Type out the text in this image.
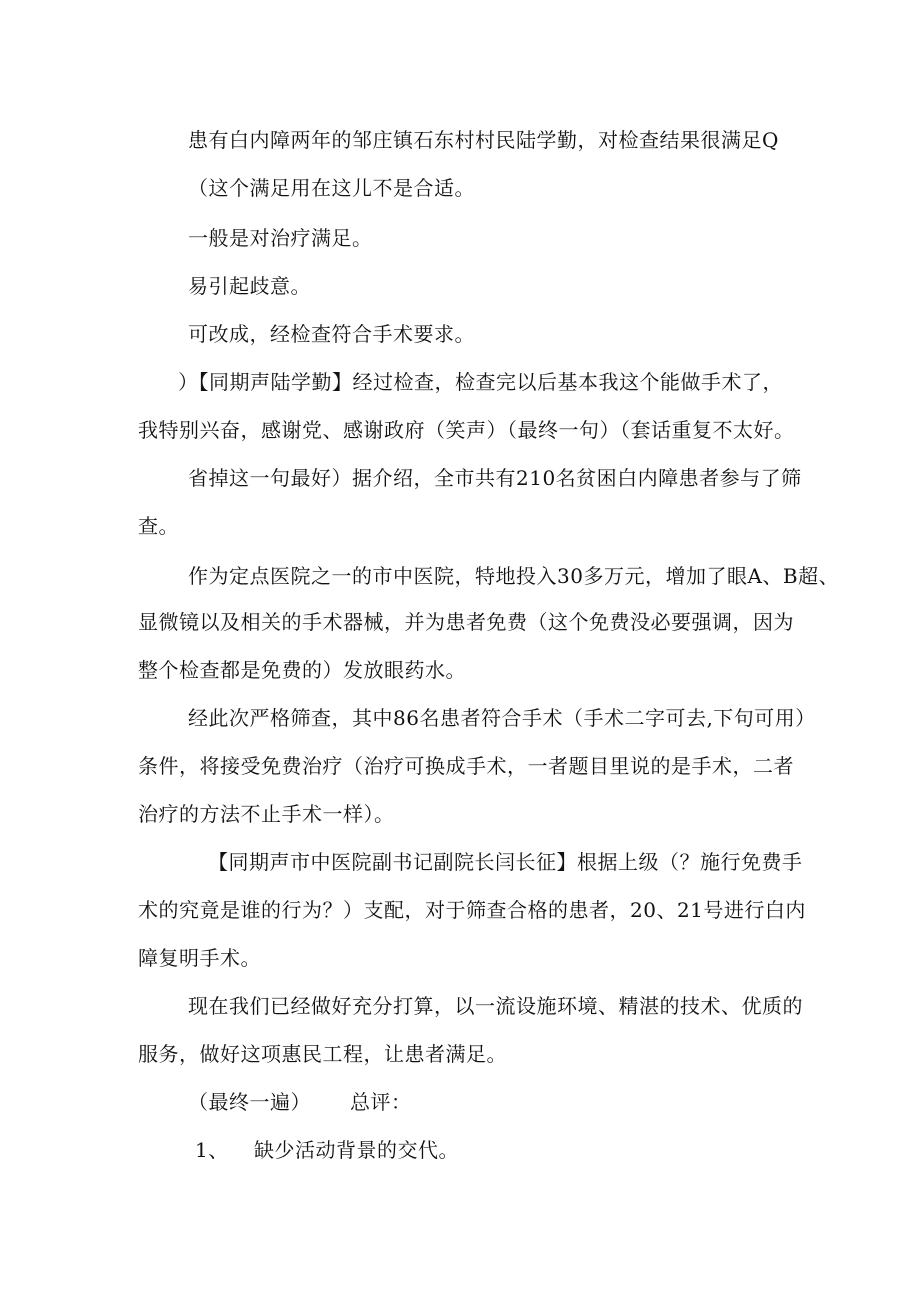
患有白内障两年的邹庄镇石东村村民陆学勤，对检查结果很满足Q
（这个满足用在这儿不是合适。
一般是对治疗满足。
易引起歧意。
可改成，经检查符合手术要求。
）【同期声陆学勤】经过检查，检查完以后基本我这个能做手术了，
我特别兴奋，感谢党、感谢政府（笑声）（最终一句）（套话重复不太好。
省掉这一句最好）据介绍，全市共有210名贫困白内障患者参与了筛
查。
作为定点医院之一的市中医院，特地投入30多万元，增加了眼A、B超、
显微镜以及相关的手术器械，并为患者免费（这个免费没必要强调，因为
整个检查都是免费的）发放眼药水。
经此次严格筛查，其中86名患者符合手术（手术二字可去,下句可用）
条件，将接受免费治疗（治疗可换成手术，一者题目里说的是手术，二者
治疗的方法不止手术一样）。
【同期声市中医院副书记副院长闫长征】根据上级（？施行免费手
术的究竟是谁的行为？）支配，对于筛查合格的患者，20、21号进行白内
障复明手术。
现在我们已经做好充分打算，以一流设施环境、精湛的技术、优质的
服务，做好这项惠民工程，让患者满足。
（最终一遍） 总评：
1、 缺少活动背景的交代。
